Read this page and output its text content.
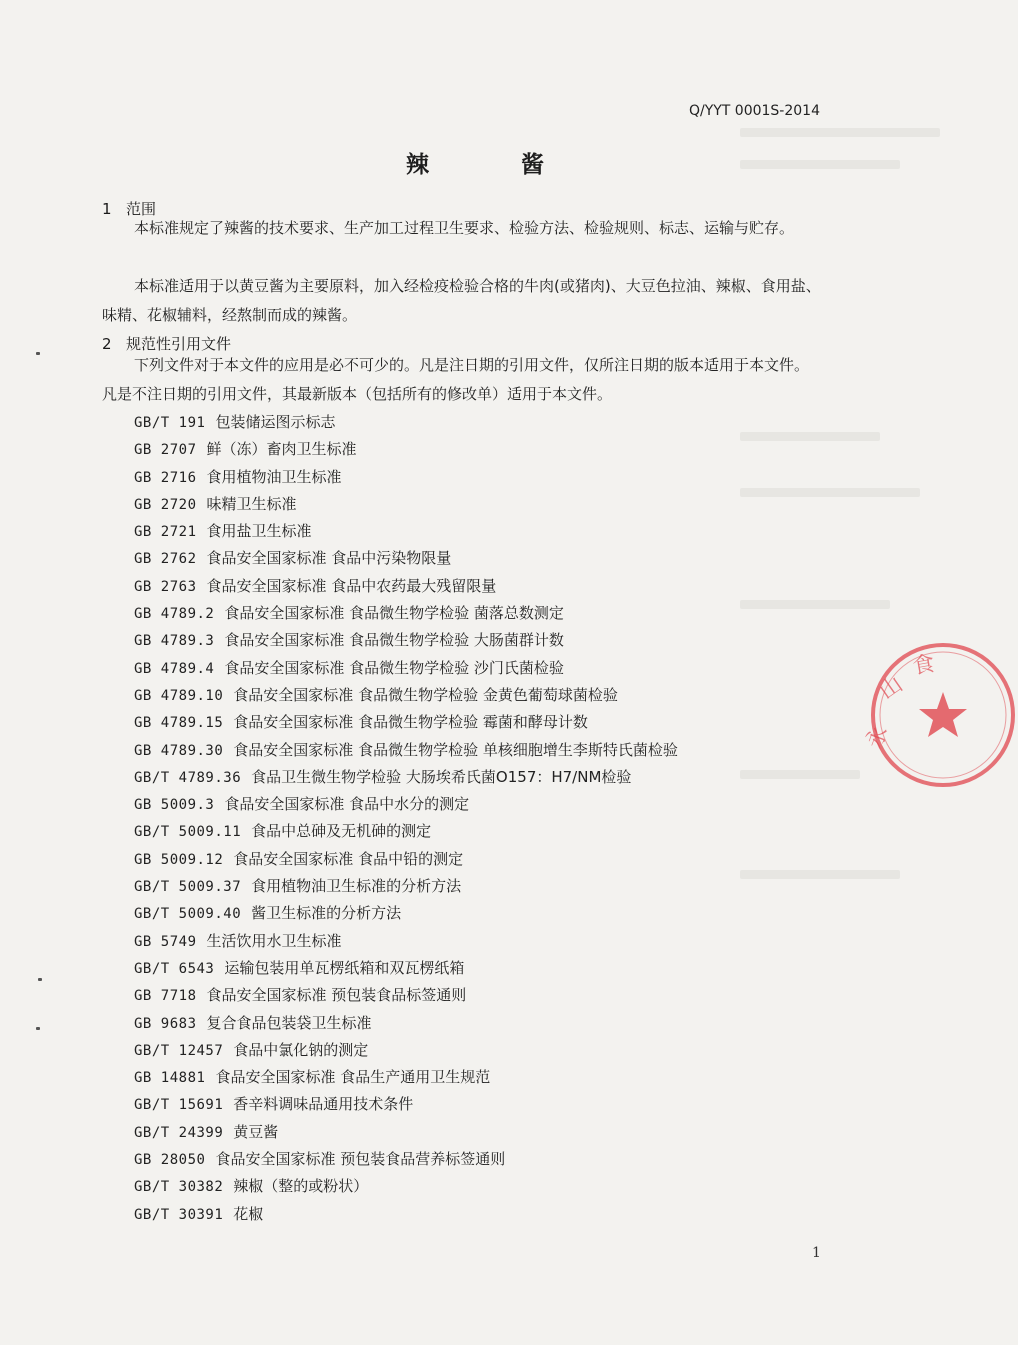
Q/YYT 0001S-2014
辣 酱
1 范围
本标准规定了辣酱的技术要求、生产加工过程卫生要求、检验方法、检验规则、标志、运输与贮存。
本标准适用于以黄豆酱为主要原料，加入经检疫检验合格的牛肉(或猪肉)、大豆色拉油、辣椒、食用盐、味精、花椒辅料，经熬制而成的辣酱。
2 规范性引用文件
下列文件对于本文件的应用是必不可少的。凡是注日期的引用文件，仅所注日期的版本适用于本文件。凡是不注日期的引用文件，其最新版本（包括所有的修改单）适用于本文件。
GB/T 191 包装储运图示标志
GB 2707 鲜（冻）畜肉卫生标准
GB 2716 食用植物油卫生标准
GB 2720 味精卫生标准
GB 2721 食用盐卫生标准
GB 2762 食品安全国家标准 食品中污染物限量
GB 2763 食品安全国家标准 食品中农药最大残留限量
GB 4789.2 食品安全国家标准 食品微生物学检验 菌落总数测定
GB 4789.3 食品安全国家标准 食品微生物学检验 大肠菌群计数
GB 4789.4 食品安全国家标准 食品微生物学检验 沙门氏菌检验
GB 4789.10 食品安全国家标准 食品微生物学检验 金黄色葡萄球菌检验
GB 4789.15 食品安全国家标准 食品微生物学检验 霉菌和酵母计数
GB 4789.30 食品安全国家标准 食品微生物学检验 单核细胞增生李斯特氏菌检验
GB/T 4789.36 食品卫生微生物学检验 大肠埃希氏菌O157：H7/NM检验
GB 5009.3 食品安全国家标准 食品中水分的测定
GB/T 5009.11 食品中总砷及无机砷的测定
GB 5009.12 食品安全国家标准 食品中铅的测定
GB/T 5009.37 食用植物油卫生标准的分析方法
GB/T 5009.40 酱卫生标准的分析方法
GB 5749 生活饮用水卫生标准
GB/T 6543 运输包装用单瓦楞纸箱和双瓦楞纸箱
GB 7718 食品安全国家标准 预包装食品标签通则
GB 9683 复合食品包装袋卫生标准
GB/T 12457 食品中氯化钠的测定
GB 14881 食品安全国家标准 食品生产通用卫生规范
GB/T 15691 香辛料调味品通用技术条件
GB/T 24399 黄豆酱
GB 28050 食品安全国家标准 预包装食品营养标签通则
GB/T 30382 辣椒（整的或粉状）
GB/T 30391 花椒
山
食
永
1
